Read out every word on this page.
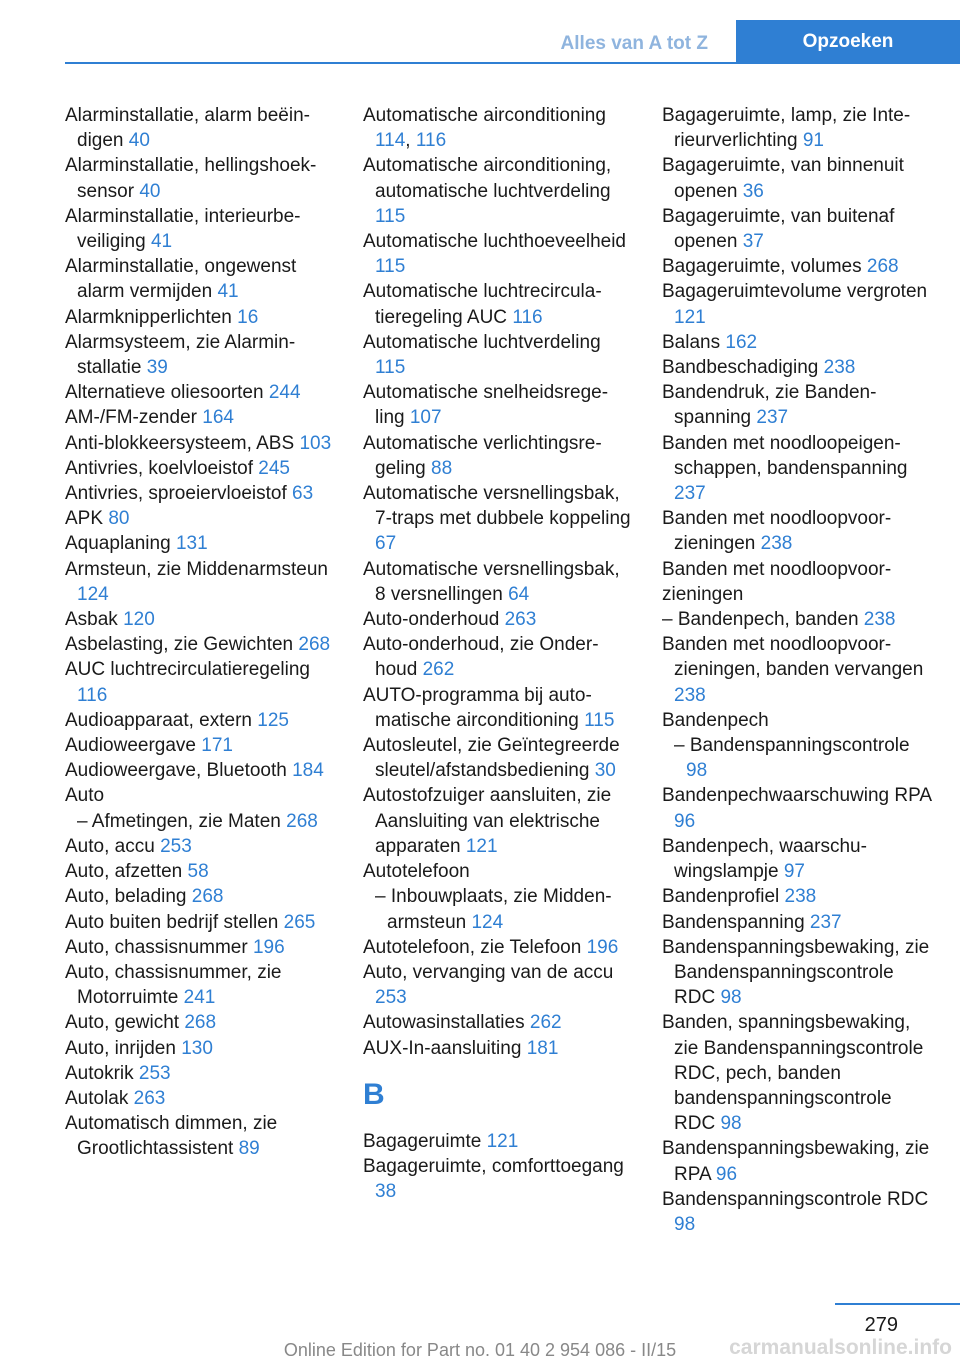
Alles van A tot Z	Opzoeken
Alarminstallatie, alarm beëindigen 40
Alarminstallatie, hellingshoeksensor 40
Alarminstallatie, interieurbeveiliging 41
Alarminstallatie, ongewenst alarm vermijden 41
Alarmknipperlichten 16
Alarmsysteem, zie Alarminstallatie 39
Alternatieve oliesoorten 244
AM-/FM-zender 164
Anti-blokkeersysteem, ABS 103
Antivries, koelvloeistof 245
Antivries, sproeiervloeistof 63
APK 80
Aquaplaning 131
Armsteun, zie Middenarmsteun 124
Asbak 120
Asbelasting, zie Gewichten 268
AUC luchtrecirculatieregeling 116
Audioapparaat, extern 125
Audioweergave 171
Audioweergave, Bluetooth 184
Auto
– Afmetingen, zie Maten 268
Auto, accu 253
Auto, afzetten 58
Auto, belading 268
Auto buiten bedrijf stellen 265
Auto, chassisnummer 196
Auto, chassisnummer, zie Motorruimte 241
Auto, gewicht 268
Auto, inrijden 130
Autokrik 253
Autolak 263
Automatisch dimmen, zie Grootlichtassistent 89
Automatische airconditioning 114, 116
Automatische airconditioning, automatische luchtverdeling 115
Automatische luchthoeveelheid 115
Automatische luchtrecirculatieregeling AUC 116
Automatische luchtverdeling 115
Automatische snelheidsregeling 107
Automatische verlichtingsregeling 88
Automatische versnellingsbak, 7-traps met dubbele koppeling 67
Automatische versnellingsbak, 8 versnellingen 64
Auto-onderhoud 263
Auto-onderhoud, zie Onderhoud 262
AUTO-programma bij automatische airconditioning 115
Autosleutel, zie Geïntegreerde sleutel/afstandsbediening 30
Autostofzuiger aansluiten, zie Aansluiting van elektrische apparaten 121
Autotelefoon
– Inbouwplaats, zie Middenarmsteun 124
Autotelefoon, zie Telefoon 196
Auto, vervanging van de accu 253
Autowasinstallaties 262
AUX-In-aansluiting 181
B
Bagageruimte 121
Bagageruimte, comforttoegang 38
Bagageruimte, lamp, zie Interieurverlichting 91
Bagageruimte, van binnenuit openen 36
Bagageruimte, van buitenaf openen 37
Bagageruimte, volumes 268
Bagageruimtevolume vergroten 121
Balans 162
Bandbeschadiging 238
Bandendruk, zie Bandenspanning 237
Banden met noodloopeigenschappen, bandenspanning 237
Banden met noodloopvoorzieningen 238
Banden met noodloopvoorzieningen
– Bandenpech, banden 238
Banden met noodloopvoorzieningen, banden vervangen 238
Bandenpech
– Bandenspanningscontrole 98
Bandenpechwaarschuwing RPA 96
Bandenpech, waarschuwingslampje 97
Bandenprofiel 238
Bandenspanning 237
Bandenspanningsbewaking, zie Bandenspanningscontrole RDC 98
Banden, spanningsbewaking, zie Bandenspanningscontrole RDC, pech, banden bandenspanningscontrole RDC 98
Bandenspanningsbewaking, zie RPA 96
Bandenspanningscontrole RDC 98
279
Online Edition for Part no. 01 40 2 954 086 - II/15	carmanualsonline.info
